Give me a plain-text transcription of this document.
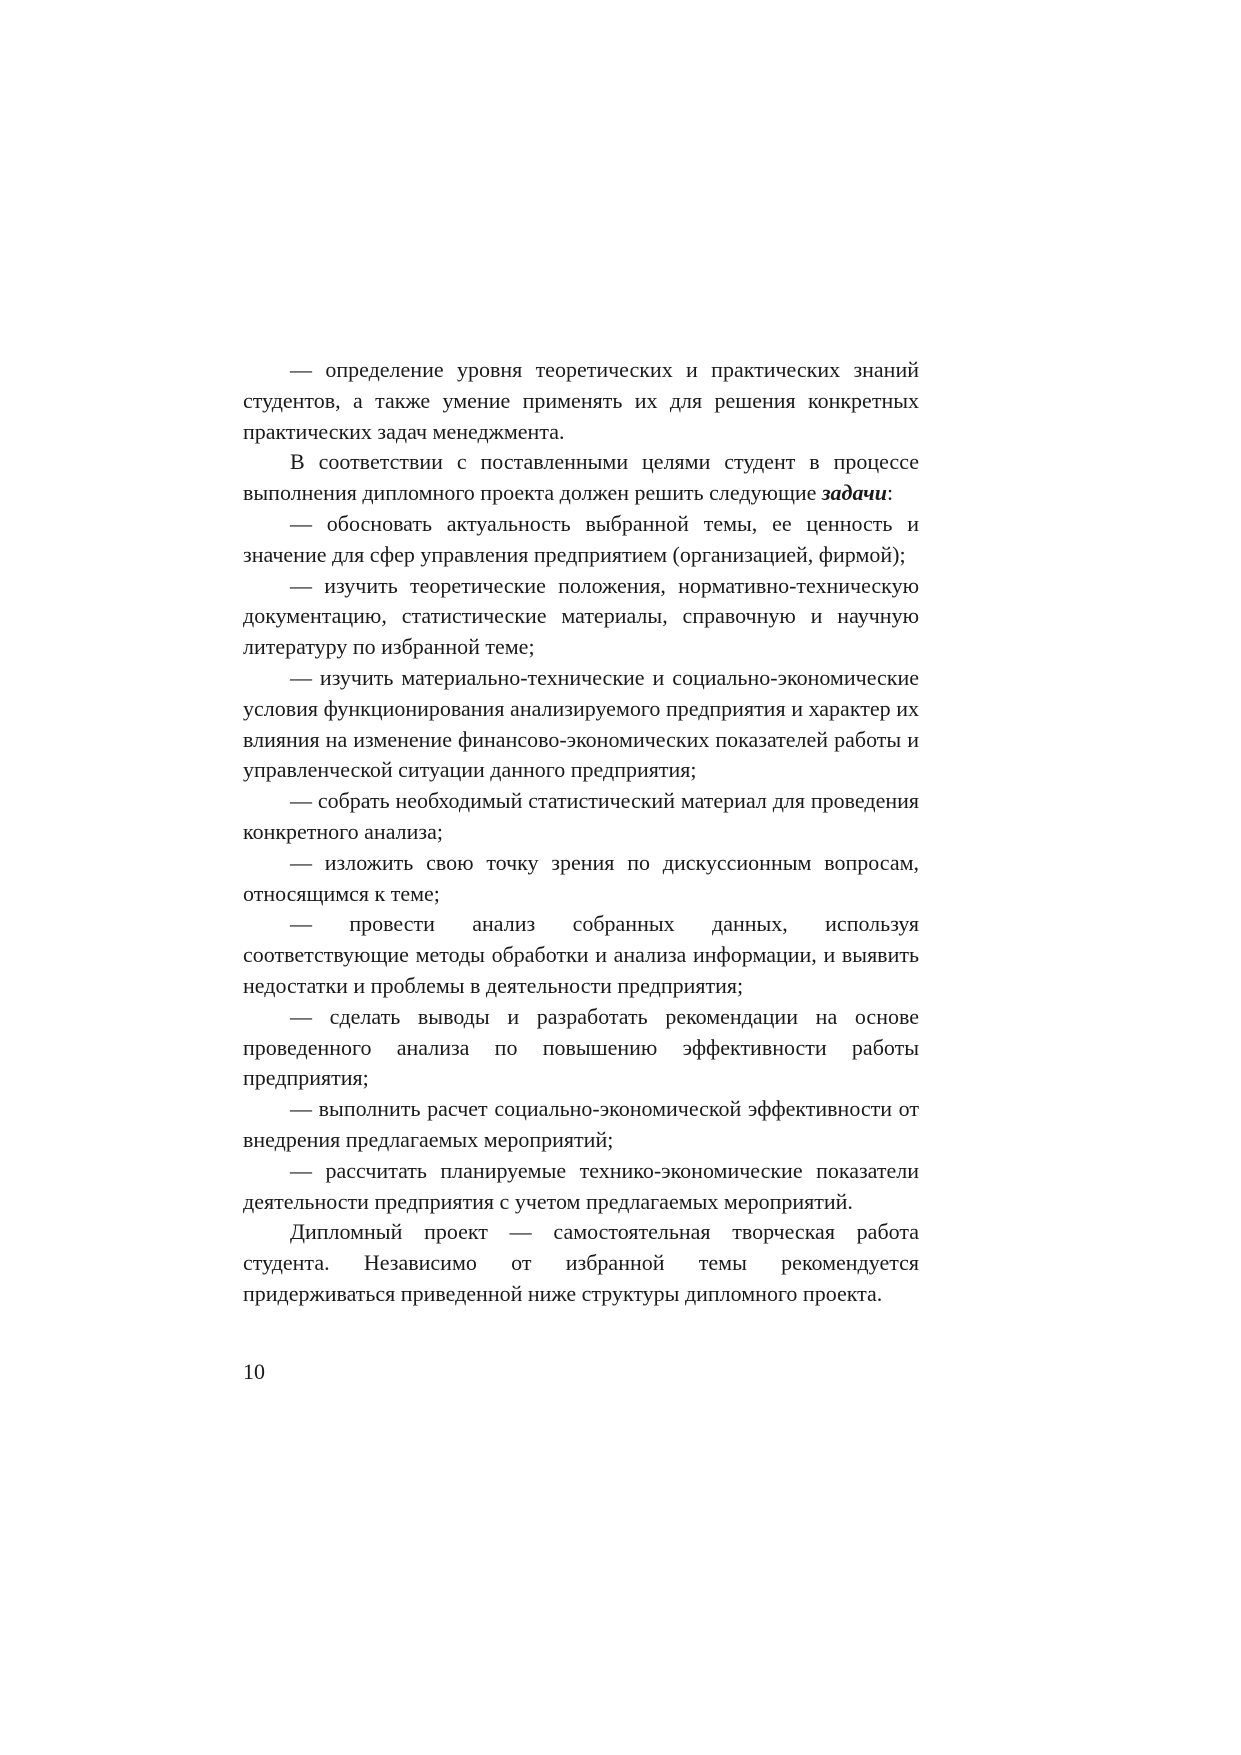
— определение уровня теоретических и практических знаний студентов, а также умение применять их для решения конкретных практических задач менеджмента.

В соответствии с поставленными целями студент в процессе выполнения дипломного проекта должен решить следующие задачи:

— обосновать актуальность выбранной темы, ее ценность и значение для сфер управления предприятием (организацией, фирмой);

— изучить теоретические положения, нормативно-техническую документацию, статистические материалы, справочную и научную литературу по избранной теме;

— изучить материально-технические и социально-экономические условия функционирования анализируемого предприятия и характер их влияния на изменение финансово-экономических показателей работы и управленческой ситуации данного предприятия;

— собрать необходимый статистический материал для проведения конкретного анализа;

— изложить свою точку зрения по дискуссионным вопросам, относящимся к теме;

— провести анализ собранных данных, используя соответствующие методы обработки и анализа информации, и выявить недостатки и проблемы в деятельности предприятия;

— сделать выводы и разработать рекомендации на основе проведенного анализа по повышению эффективности работы предприятия;

— выполнить расчет социально-экономической эффективности от внедрения предлагаемых мероприятий;

— рассчитать планируемые технико-экономические показатели деятельности предприятия с учетом предлагаемых мероприятий.

Дипломный проект — самостоятельная творческая работа студента. Независимо от избранной темы рекомендуется придерживаться приведенной ниже структуры дипломного проекта.

10
